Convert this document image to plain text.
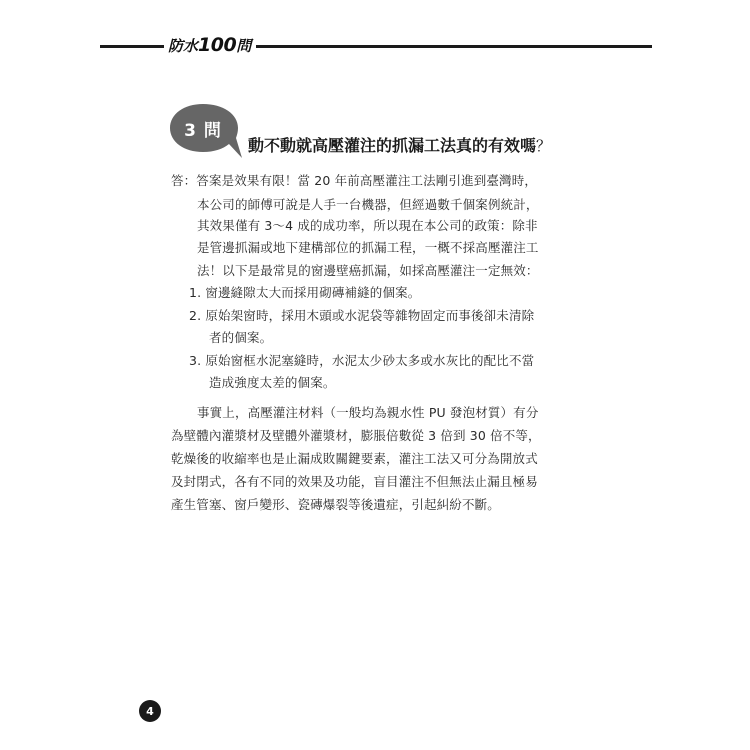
防水100問
3 問
動不動就高壓灌注的抓漏工法真的有效嗎？
答：答案是效果有限！當 20 年前高壓灌注工法剛引進到臺灣時，
本公司的師傅可說是人手一台機器，但經過數千個案例統計，
其效果僅有 3～4 成的成功率，所以現在本公司的政策：除非
是管邊抓漏或地下建構部位的抓漏工程，一概不採高壓灌注工
法！以下是最常見的窗邊壁癌抓漏，如採高壓灌注一定無效：
1. 窗邊縫隙太大而採用砌磚補縫的個案。
2. 原始架窗時，採用木頭或水泥袋等雜物固定而事後卻未清除
者的個案。
3. 原始窗框水泥塞縫時，水泥太少砂太多或水灰比的配比不當
造成強度太差的個案。
事實上，高壓灌注材料（一般均為親水性 PU 發泡材質）有分
為壁體內灌漿材及壁體外灌漿材，膨脹倍數從 3 倍到 30 倍不等，
乾燥後的收縮率也是止漏成敗關鍵要素，灌注工法又可分為開放式
及封閉式，各有不同的效果及功能，盲目灌注不但無法止漏且極易
產生管塞、窗戶變形、瓷磚爆裂等後遺症，引起糾紛不斷。
4
